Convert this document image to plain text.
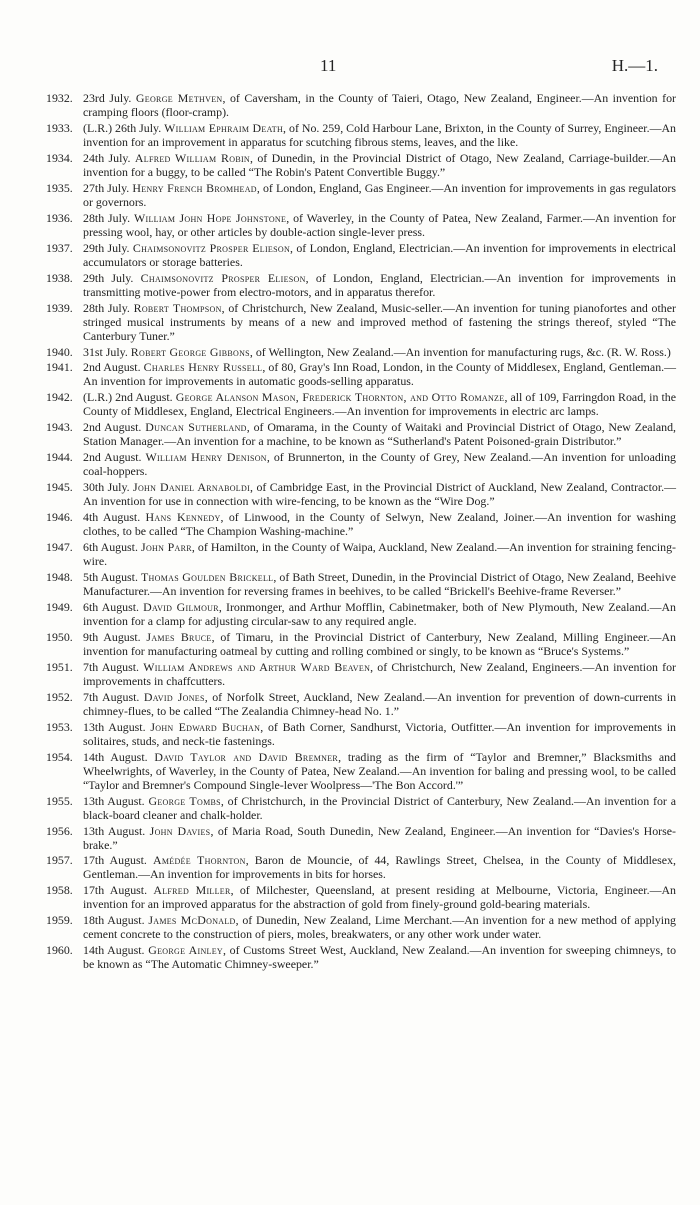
11	H.—1.
1932. 23rd July. George Methven, of Caversham, in the County of Taieri, Otago, New Zealand, Engineer.—An invention for cramping floors (floor-cramp).
1933. (L.R.) 26th July. William Ephraim Death, of No. 259, Cold Harbour Lane, Brixton, in the County of Surrey, Engineer.—An invention for an improvement in apparatus for scutching fibrous stems, leaves, and the like.
1934. 24th July. Alfred William Robin, of Dunedin, in the Provincial District of Otago, New Zealand, Carriage-builder.—An invention for a buggy, to be called “The Robin's Patent Convertible Buggy.”
1935. 27th July. Henry French Bromhead, of London, England, Gas Engineer.—An invention for improvements in gas regulators or governors.
1936. 28th July. William John Hope Johnstone, of Waverley, in the County of Patea, New Zealand, Farmer.—An invention for pressing wool, hay, or other articles by double-action single-lever press.
1937. 29th July. Chaimsonovitz Prosper Elieson, of London, England, Electrician.—An invention for improvements in electrical accumulators or storage batteries.
1938. 29th July. Chaimsonovitz Prosper Elieson, of London, England, Electrician.—An invention for improvements in transmitting motive-power from electro-motors, and in apparatus therefor.
1939. 28th July. Robert Thompson, of Christchurch, New Zealand, Music-seller.—An invention for tuning pianofortes and other stringed musical instruments by means of a new and improved method of fastening the strings thereof, styled “The Canterbury Tuner.”
1940. 31st July. Robert George Gibbons, of Wellington, New Zealand.—An invention for manufacturing rugs, &c. (R. W. Ross.)
1941. 2nd August. Charles Henry Russell, of 80, Gray's Inn Road, London, in the County of Middlesex, England, Gentleman.—An invention for improvements in automatic goods-selling apparatus.
1942. (L.R.) 2nd August. George Alanson Mason, Frederick Thornton, and Otto Romanze, all of 109, Farringdon Road, in the County of Middlesex, England, Electrical Engineers.—An invention for improvements in electric arc lamps.
1943. 2nd August. Duncan Sutherland, of Omarama, in the County of Waitaki and Provincial District of Otago, New Zealand, Station Manager.—An invention for a machine, to be known as “Sutherland's Patent Poisoned-grain Distributor.”
1944. 2nd August. William Henry Denison, of Brunnerton, in the County of Grey, New Zealand.—An invention for unloading coal-hoppers.
1945. 30th July. John Daniel Arnaboldi, of Cambridge East, in the Provincial District of Auckland, New Zealand, Contractor.—An invention for use in connection with wire-fencing, to be known as the “Wire Dog.”
1946. 4th August. Hans Kennedy, of Linwood, in the County of Selwyn, New Zealand, Joiner.—An invention for washing clothes, to be called “The Champion Washing-machine.”
1947. 6th August. John Parr, of Hamilton, in the County of Waipa, Auckland, New Zealand.—An invention for straining fencing-wire.
1948. 5th August. Thomas Goulden Brickell, of Bath Street, Dunedin, in the Provincial District of Otago, New Zealand, Beehive Manufacturer.—An invention for reversing frames in beehives, to be called “Brickell's Beehive-frame Reverser.”
1949. 6th August. David Gilmour, Ironmonger, and Arthur Mofflin, Cabinetmaker, both of New Plymouth, New Zealand.—An invention for a clamp for adjusting circular-saw to any required angle.
1950. 9th August. James Bruce, of Timaru, in the Provincial District of Canterbury, New Zealand, Milling Engineer.—An invention for manufacturing oatmeal by cutting and rolling combined or singly, to be known as “Bruce's Systems.”
1951. 7th August. William Andrews and Arthur Ward Beaven, of Christchurch, New Zealand, Engineers.—An invention for improvements in chaffcutters.
1952. 7th August. David Jones, of Norfolk Street, Auckland, New Zealand.—An invention for prevention of down-currents in chimney-flues, to be called “The Zealandia Chimney-head No. 1.”
1953. 13th August. John Edward Buchan, of Bath Corner, Sandhurst, Victoria, Outfitter.—An invention for improvements in solitaires, studs, and neck-tie fastenings.
1954. 14th August. David Taylor and David Bremner, trading as the firm of “Taylor and Bremner,” Blacksmiths and Wheelwrights, of Waverley, in the County of Patea, New Zealand.—An invention for baling and pressing wool, to be called “Taylor and Bremner's Compound Single-lever Woolpress—'The Bon Accord.'”
1955. 13th August. George Tombs, of Christchurch, in the Provincial District of Canterbury, New Zealand.—An invention for a black-board cleaner and chalk-holder.
1956. 13th August. John Davies, of Maria Road, South Dunedin, New Zealand, Engineer.—An invention for “Davies's Horse-brake.”
1957. 17th August. Amédée Thornton, Baron de Mouncie, of 44, Rawlings Street, Chelsea, in the County of Middlesex, Gentleman.—An invention for improvements in bits for horses.
1958. 17th August. Alfred Miller, of Milchester, Queensland, at present residing at Melbourne, Victoria, Engineer.—An invention for an improved apparatus for the abstraction of gold from finely-ground gold-bearing materials.
1959. 18th August. James McDonald, of Dunedin, New Zealand, Lime Merchant.—An invention for a new method of applying cement concrete to the construction of piers, moles, breakwaters, or any other work under water.
1960. 14th August. George Ainley, of Customs Street West, Auckland, New Zealand.—An invention for sweeping chimneys, to be known as “The Automatic Chimney-sweeper.”
